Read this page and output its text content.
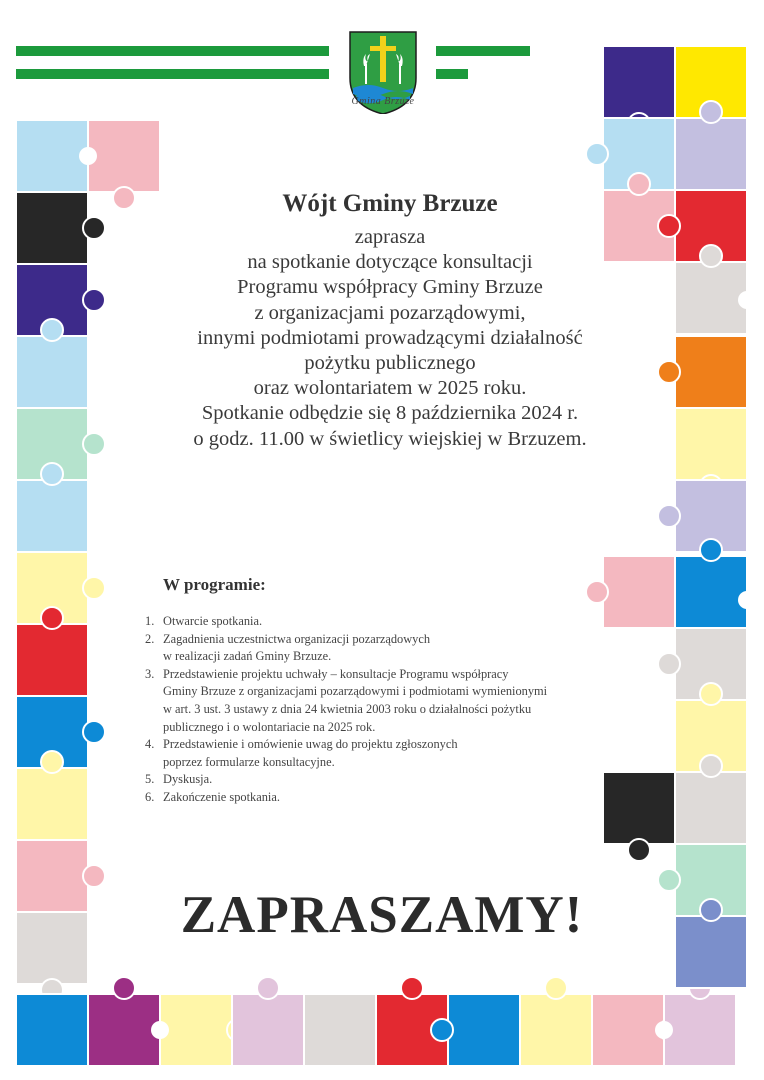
Gmina Brzuze
Wójt Gminy Brzuze
zaprasza
na spotkanie dotyczące konsultacji
Programu współpracy Gminy Brzuze
z organizacjami pozarządowymi,
innymi podmiotami prowadzącymi działalność
pożytku publicznego
oraz wolontariatem w 2025 roku.
Spotkanie odbędzie się 8 października 2024 r.
o godz. 11.00 w świetlicy wiejskiej w Brzuzem.
W programie:
1. Otwarcie spotkania.
2. Zagadnienia uczestnictwa organizacji pozarządowych
w realizacji zadań Gminy Brzuze.
3. Przedstawienie projektu uchwały – konsultacje Programu współpracy
Gminy Brzuze z organizacjami pozarządowymi i podmiotami wymienionymi
w art. 3 ust. 3 ustawy z dnia 24 kwietnia 2003 roku o działalności pożytku
publicznego i o wolontariacie na 2025 rok.
4. Przedstawienie i omówienie uwag do projektu zgłoszonych
poprzez formularze konsultacyjne.
5. Dyskusja.
6. Zakończenie spotkania.
ZAPRASZAMY!
